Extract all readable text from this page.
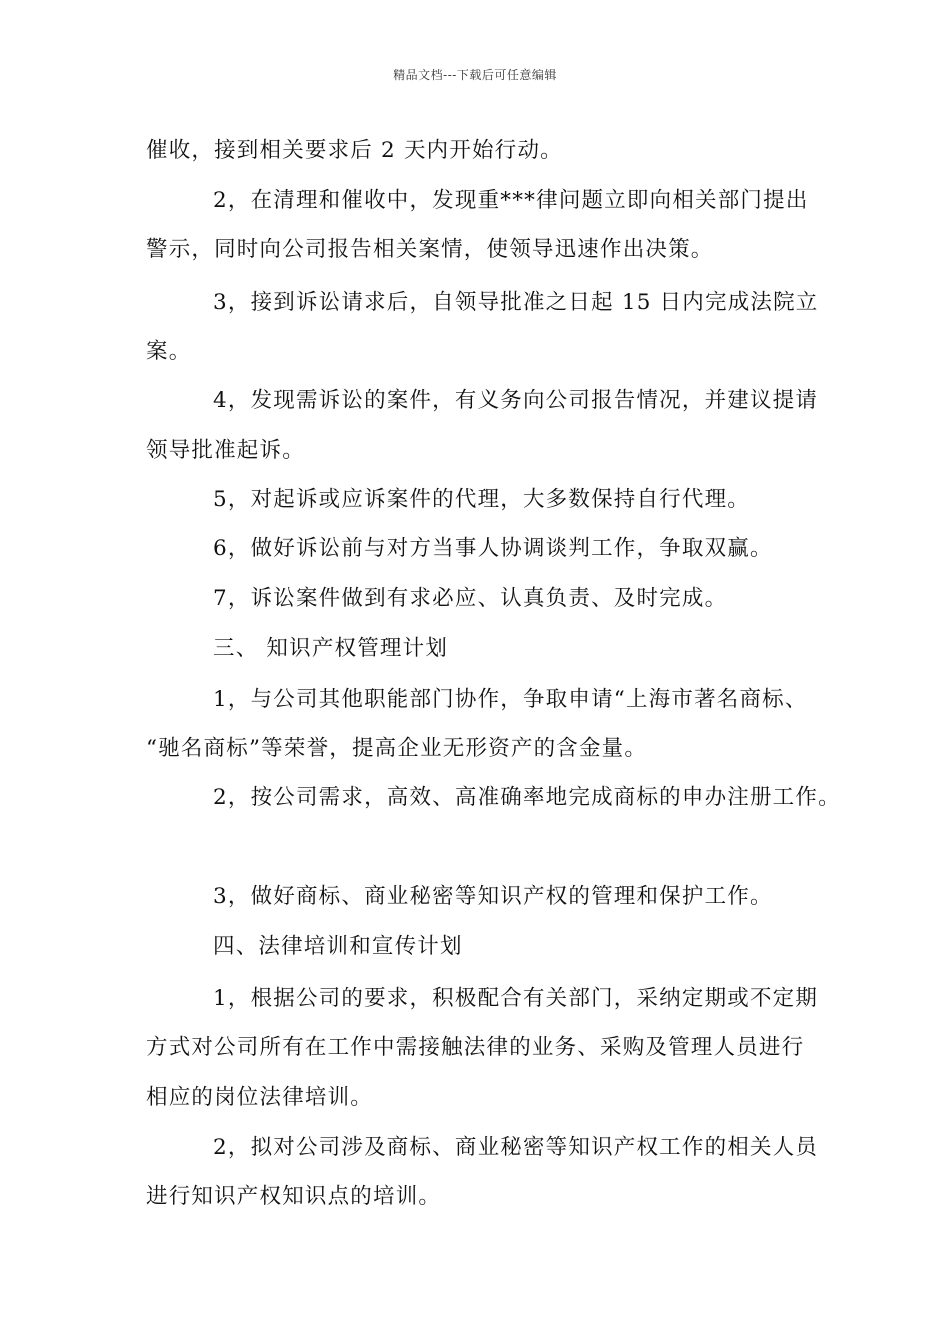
精品文档---下载后可任意编辑
催收，接到相关要求后 2 天内开始行动。
2，在清理和催收中，发现重***律问题立即向相关部门提出
警示，同时向公司报告相关案情，使领导迅速作出决策。
3，接到诉讼请求后，自领导批准之日起 15 日内完成法院立
案。
4，发现需诉讼的案件，有义务向公司报告情况，并建议提请
领导批准起诉。
5，对起诉或应诉案件的代理，大多数保持自行代理。
6，做好诉讼前与对方当事人协调谈判工作，争取双赢。
7，诉讼案件做到有求必应、认真负责、及时完成。
三、 知识产权管理计划
1，与公司其他职能部门协作，争取申请“上海市著名商标、
“驰名商标”等荣誉，提高企业无形资产的含金量。
2，按公司需求，高效、高准确率地完成商标的申办注册工作。
3，做好商标、商业秘密等知识产权的管理和保护工作。
四、法律培训和宣传计划
1，根据公司的要求，积极配合有关部门，采纳定期或不定期
方式对公司所有在工作中需接触法律的业务、采购及管理人员进行
相应的岗位法律培训。
2，拟对公司涉及商标、商业秘密等知识产权工作的相关人员
进行知识产权知识点的培训。
